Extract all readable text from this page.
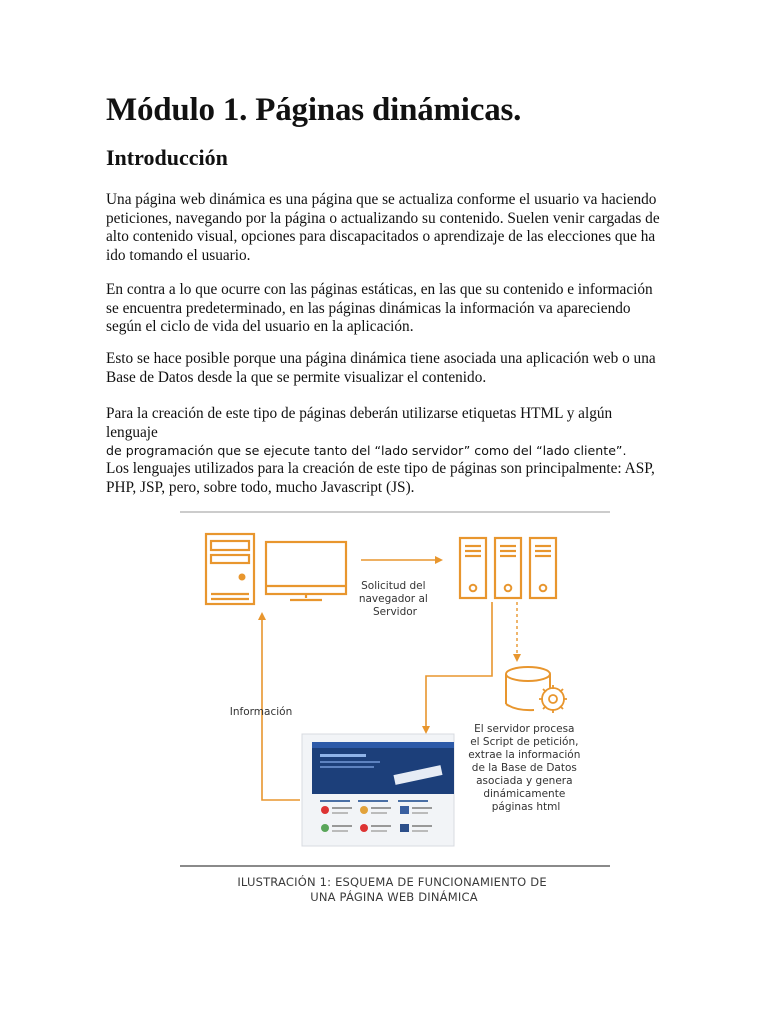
Módulo 1. Páginas dinámicas.
Introducción

Una página web dinámica es una página que se actualiza conforme el usuario va haciendo peticiones, navegando por la página o actualizando su contenido. Suelen venir cargadas de alto contenido visual, opciones para discapacitados o aprendizaje de las elecciones que ha ido tomando el usuario.

En contra a lo que ocurre con las páginas estáticas, en las que su contenido e información se encuentra predeterminado, en las páginas dinámicas la información va apareciendo según el ciclo de vida del usuario en la aplicación.

Esto se hace posible porque una página dinámica tiene asociada una aplicación web o una Base de Datos desde la que se permite visualizar el contenido.

Para la creación de este tipo de páginas deberán utilizarse etiquetas HTML y algún lenguaje
de programación que se ejecute tanto del “lado servidor” como del “lado cliente”.

Los lenguajes utilizados para la creación de este tipo de páginas son principalmente: ASP, PHP, JSP, pero, sobre todo, mucho Javascript (JS).

Solicitud del navegador al Servidor
El servidor procesa el Script de petición, extrae la información de la Base de Datos asociada y genera dinámicamente páginas html
Información
ILUSTRACIÓN 1: ESQUEMA DE FUNCIONAMIENTO DE UNA PÁGINA WEB DINÁMICA
